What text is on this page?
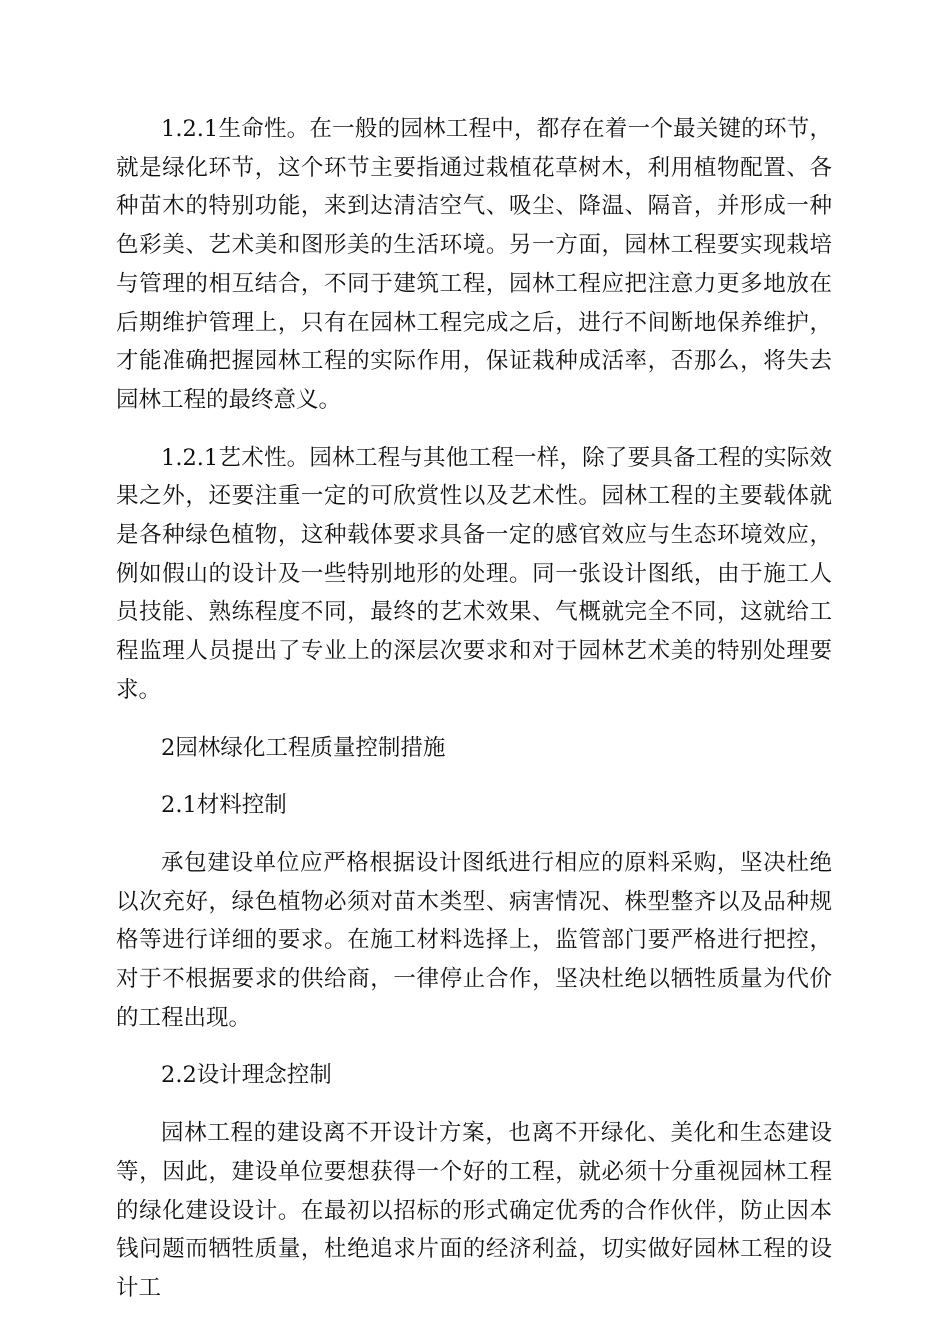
1.2.1生命性。在一般的园林工程中，都存在着一个最关键的环节，就是绿化环节，这个环节主要指通过栽植花草树木，利用植物配置、各种苗木的特别功能，来到达清洁空气、吸尘、降温、隔音，并形成一种色彩美、艺术美和图形美的生活环境。另一方面，园林工程要实现栽培与管理的相互结合，不同于建筑工程，园林工程应把注意力更多地放在后期维护管理上，只有在园林工程完成之后，进行不间断地保养维护，才能准确把握园林工程的实际作用，保证栽种成活率，否那么，将失去园林工程的最终意义。

1.2.1艺术性。园林工程与其他工程一样，除了要具备工程的实际效果之外，还要注重一定的可欣赏性以及艺术性。园林工程的主要载体就是各种绿色植物，这种载体要求具备一定的感官效应与生态环境效应，例如假山的设计及一些特别地形的处理。同一张设计图纸，由于施工人员技能、熟练程度不同，最终的艺术效果、气概就完全不同，这就给工程监理人员提出了专业上的深层次要求和对于园林艺术美的特别处理要求。

2园林绿化工程质量控制措施

2.1材料控制

承包建设单位应严格根据设计图纸进行相应的原料采购，坚决杜绝以次充好，绿色植物必须对苗木类型、病害情况、株型整齐以及品种规格等进行详细的要求。在施工材料选择上，监管部门要严格进行把控，对于不根据要求的供给商，一律停止合作，坚决杜绝以牺牲质量为代价的工程出现。

2.2设计理念控制

园林工程的建设离不开设计方案，也离不开绿化、美化和生态建设等，因此，建设单位要想获得一个好的工程，就必须十分重视园林工程的绿化建设设计。在最初以招标的形式确定优秀的合作伙伴，防止因本钱问题而牺牲质量，杜绝追求片面的经济利益，切实做好园林工程的设计工
